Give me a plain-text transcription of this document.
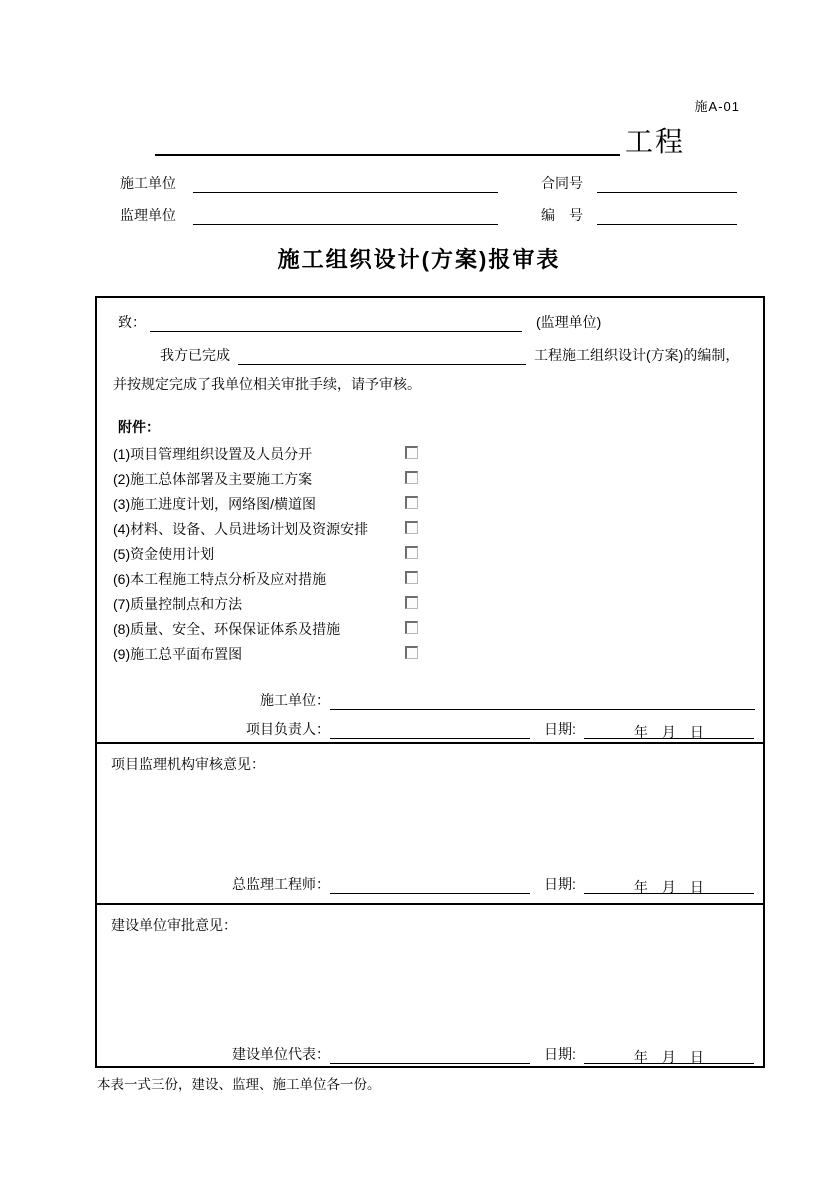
施A-01
工程
施工单位	合同号
监理单位	编　号
施工组织设计(方案)报审表
致：	(监理单位)
我方已完成	工程施工组织设计(方案)的编制，
并按规定完成了我单位相关审批手续，请予审核。
附件：
(1)项目管理组织设置及人员分开
(2)施工总体部署及主要施工方案
(3)施工进度计划，网络图/横道图
(4)材料、设备、人员进场计划及资源安排
(5)资金使用计划
(6)本工程施工特点分析及应对措施
(7)质量控制点和方法
(8)质量、安全、环保保证体系及措施
(9)施工总平面布置图
施工单位：
项目负责人：	日期:	年　月　日
项目监理机构审核意见：
总监理工程师：	日期:	年　月　日
建设单位审批意见：
建设单位代表：	日期:	年　月　日
本表一式三份，建设、监理、施工单位各一份。
